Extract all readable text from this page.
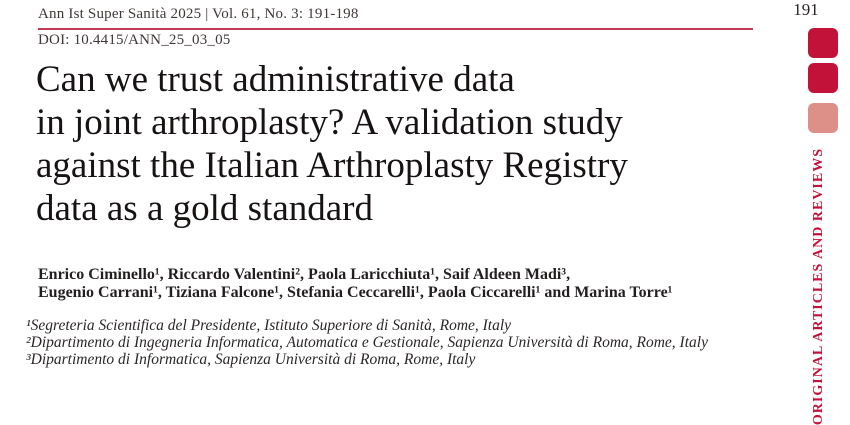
Ann Ist Super Sanità 2025 | Vol. 61, No. 3: 191-198
DOI: 10.4415/ANN_25_03_05
Can we trust administrative data
in joint arthroplasty? A validation study
against the Italian Arthroplasty Registry
data as a gold standard
Enrico Ciminello¹, Riccardo Valentini², Paola Laricchiuta¹, Saif Aldeen Madi³,
Eugenio Carrani¹, Tiziana Falcone¹, Stefania Ceccarelli¹, Paola Ciccarelli¹ and Marina Torre¹
¹Segreteria Scientifica del Presidente, Istituto Superiore di Sanità, Rome, Italy
²Dipartimento di Ingegneria Informatica, Automatica e Gestionale, Sapienza Università di Roma, Rome, Italy
³Dipartimento di Informatica, Sapienza Università di Roma, Rome, Italy
191
ORIGINAL ARTICLES AND REVIEWS
